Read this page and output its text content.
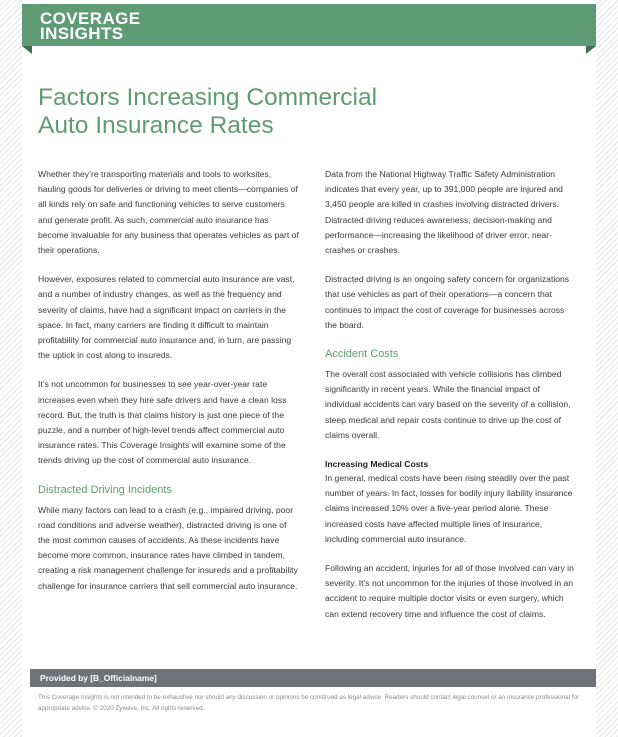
COVERAGE
INSIGHTS
Factors Increasing Commercial
Auto Insurance Rates

Whether they’re transporting materials and tools to worksites, hauling goods for deliveries or driving to meet clients—companies of all kinds rely on safe and functioning vehicles to serve customers and generate profit. As such, commercial auto insurance has become invaluable for any business that operates vehicles as part of their operations.

However, exposures related to commercial auto insurance are vast, and a number of industry changes, as well as the frequency and severity of claims, have had a significant impact on carriers in the space. In fact, many carriers are finding it difficult to maintain profitability for commercial auto insurance and, in turn, are passing the uptick in cost along to insureds.

It’s not uncommon for businesses to see year-over-year rate increases even when they hire safe drivers and have a clean loss record. But, the truth is that claims history is just one piece of the puzzle, and a number of high-level trends affect commercial auto insurance rates. This Coverage Insights will examine some of the trends driving up the cost of commercial auto insurance.

Distracted Driving Incidents

While many factors can lead to a crash (e.g., impaired driving, poor road conditions and adverse weather), distracted driving is one of the most common causes of accidents. As these incidents have become more common, insurance rates have climbed in tandem, creating a risk management challenge for insureds and a profitability challenge for insurance carriers that sell commercial auto insurance.

Data from the National Highway Traffic Safety Administration indicates that every year, up to 391,000 people are injured and 3,450 people are killed in crashes involving distracted drivers. Distracted driving reduces awareness, decision-making and performance—increasing the likelihood of driver error, near-crashes or crashes.

Distracted driving is an ongoing safety concern for organizations that use vehicles as part of their operations—a concern that continues to impact the cost of coverage for businesses across the board.

Accident Costs

The overall cost associated with vehicle collisions has climbed significantly in recent years. While the financial impact of individual accidents can vary based on the severity of a collision, steep medical and repair costs continue to drive up the cost of claims overall.

Increasing Medical Costs

In general, medical costs have been rising steadily over the past number of years. In fact, losses for bodily injury liability insurance claims increased 10% over a five-year period alone. These increased costs have affected multiple lines of insurance, including commercial auto insurance.

Following an accident, injuries for all of those involved can vary in severity. It’s not uncommon for the injuries of those involved in an accident to require multiple doctor visits or even surgery, which can extend recovery time and influence the cost of claims.

Provided by [B_Officialname]
This Coverage Insights is not intended to be exhaustive nor should any discussion or opinions be construed as legal advice. Readers should contact legal counsel or an insurance professional for appropriate advice. © 2020 Zywave, Inc. All rights reserved.
